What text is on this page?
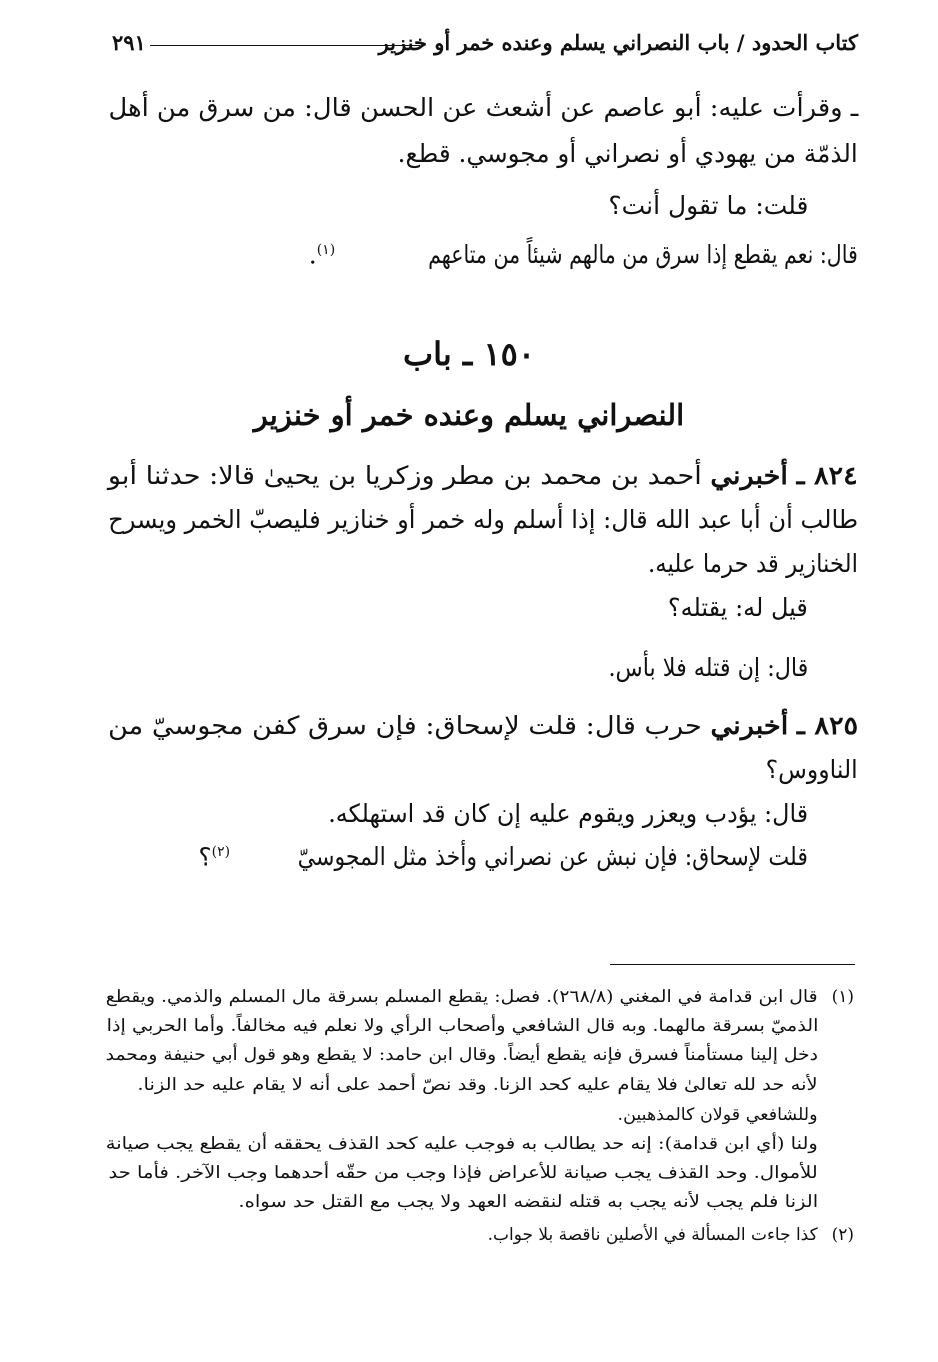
كتاب الحدود / باب النصراني يسلم وعنده خمر أو خنزير
٢٩١
ـ وقرأت عليه: أبو عاصم عن أشعث عن الحسن قال: من سرق من أهل
الذمّة من يهودي أو نصراني أو مجوسي. قطع.
قلت: ما تقول أنت؟
قال: نعم يقطع إذا سرق من مالهم شيئاً من متاعهم$^{(١)}$.
١٥٠ ـ باب
النصراني يسلم وعنده خمر أو خنزير
٨٢٤ ـ أخبرني أحمد بن محمد بن مطر وزكريا بن يحيىٰ قالا: حدثنا أبو
طالب أن أبا عبد الله قال: إذا أسلم وله خمر أو خنازير فليصبّ الخمر ويسرح
الخنازير قد حرما عليه.
قيل له: يقتله؟
قال: إن قتله فلا بأس.
٨٢٥ ـ أخبرني حرب قال: قلت لإسحاق: فإن سرق كفن مجوسيّ من
الناووس؟
قال: يؤدب ويعزر ويقوم عليه إن كان قد استهلكه.
قلت لإسحاق: فإن نبش عن نصراني وأخذ مثل المجوسيّ$^{(٢)}$؟
(١)
قال ابن قدامة في المغني (٢٦٨/٨). فصل: يقطع المسلم بسرقة مال المسلم والذمي. ويقطع
الذميّ بسرقة مالهما. وبه قال الشافعي وأصحاب الرأي ولا نعلم فيه مخالفاً. وأما الحربي إذا
دخل إلينا مستأمناً فسرق فإنه يقطع أيضاً. وقال ابن حامد: لا يقطع وهو قول أبي حنيفة ومحمد
لأنه حد لله تعالىٰ فلا يقام عليه كحد الزنا. وقد نصّ أحمد على أنه لا يقام عليه حد الزنا.
وللشافعي قولان كالمذهبين.
ولنا (أي ابن قدامة): إنه حد يطالب به فوجب عليه كحد القذف يحققه أن يقطع يجب صيانة
للأموال. وحد القذف يجب صيانة للأعراض فإذا وجب من حقّه أحدهما وجب الآخر. فأما حد
الزنا فلم يجب لأنه يجب به قتله لنقضه العهد ولا يجب مع القتل حد سواه.
(٢)
كذا جاءت المسألة في الأصلين ناقصة بلا جواب.
